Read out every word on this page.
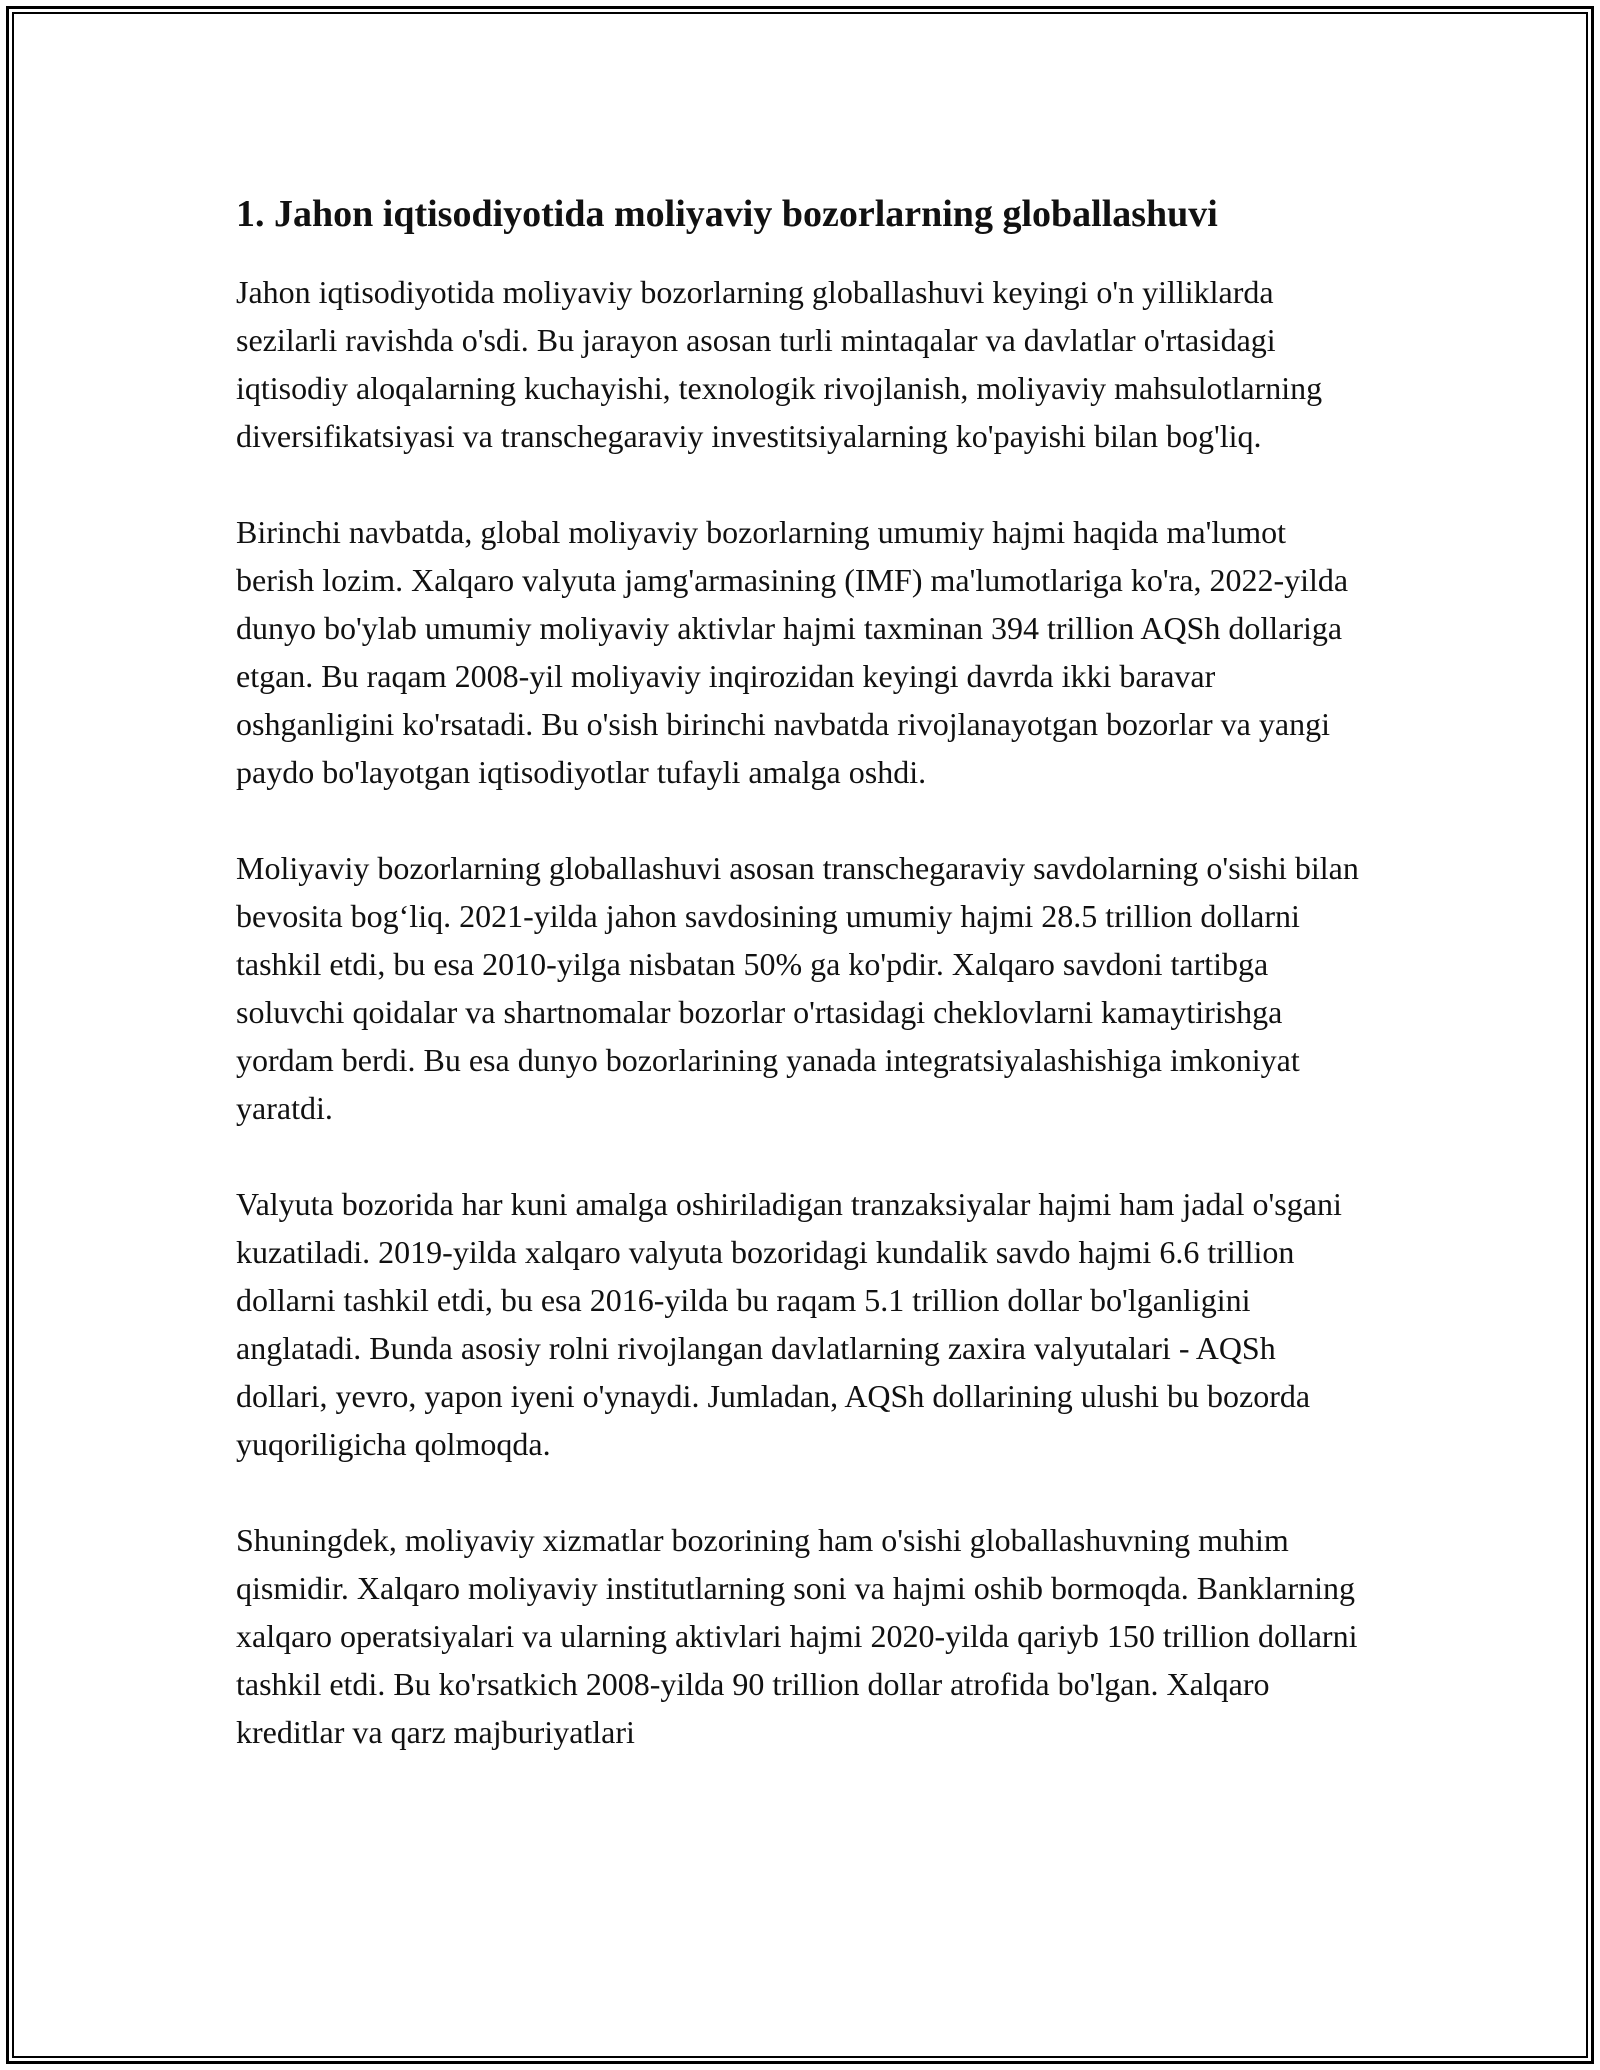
1. Jahon iqtisodiyotida moliyaviy bozorlarning globallashuvi

Jahon iqtisodiyotida moliyaviy bozorlarning globallashuvi keyingi o'n yilliklarda sezilarli ravishda o'sdi. Bu jarayon asosan turli mintaqalar va davlatlar o'rtasidagi iqtisodiy aloqalarning kuchayishi, texnologik rivojlanish, moliyaviy mahsulotlarning diversifikatsiyasi va transchegaraviy investitsiyalarning ko'payishi bilan bog'liq.

Birinchi navbatda, global moliyaviy bozorlarning umumiy hajmi haqida ma'lumot berish lozim. Xalqaro valyuta jamg'armasining (IMF) ma'lumotlariga ko'ra, 2022-yilda dunyo bo'ylab umumiy moliyaviy aktivlar hajmi taxminan 394 trillion AQSh dollariga etgan. Bu raqam 2008-yil moliyaviy inqirozidan keyingi davrda ikki baravar oshganligini ko'rsatadi. Bu o'sish birinchi navbatda rivojlanayotgan bozorlar va yangi paydo bo'layotgan iqtisodiyotlar tufayli amalga oshdi.

Moliyaviy bozorlarning globallashuvi asosan transchegaraviy savdolarning o'sishi bilan bevosita bog‘liq. 2021-yilda jahon savdosining umumiy hajmi 28.5 trillion dollarni tashkil etdi, bu esa 2010-yilga nisbatan 50% ga ko'pdir. Xalqaro savdoni tartibga soluvchi qoidalar va shartnomalar bozorlar o'rtasidagi cheklovlarni kamaytirishga yordam berdi. Bu esa dunyo bozorlarining yanada integratsiyalashishiga imkoniyat yaratdi.

Valyuta bozorida har kuni amalga oshiriladigan tranzaksiyalar hajmi ham jadal o'sgani kuzatiladi. 2019-yilda xalqaro valyuta bozoridagi kundalik savdo hajmi 6.6 trillion dollarni tashkil etdi, bu esa 2016-yilda bu raqam 5.1 trillion dollar bo'lganligini anglatadi. Bunda asosiy rolni rivojlangan davlatlarning zaxira valyutalari - AQSh dollari, yevro, yapon iyeni o'ynaydi. Jumladan, AQSh dollarining ulushi bu bozorda yuqoriligicha qolmoqda.

Shuningdek, moliyaviy xizmatlar bozorining ham o'sishi globallashuvning muhim qismidir. Xalqaro moliyaviy institutlarning soni va hajmi oshib bormoqda. Banklarning xalqaro operatsiyalari va ularning aktivlari hajmi 2020-yilda qariyb 150 trillion dollarni tashkil etdi. Bu ko'rsatkich 2008-yilda 90 trillion dollar atrofida bo'lgan. Xalqaro kreditlar va qarz majburiyatlari
